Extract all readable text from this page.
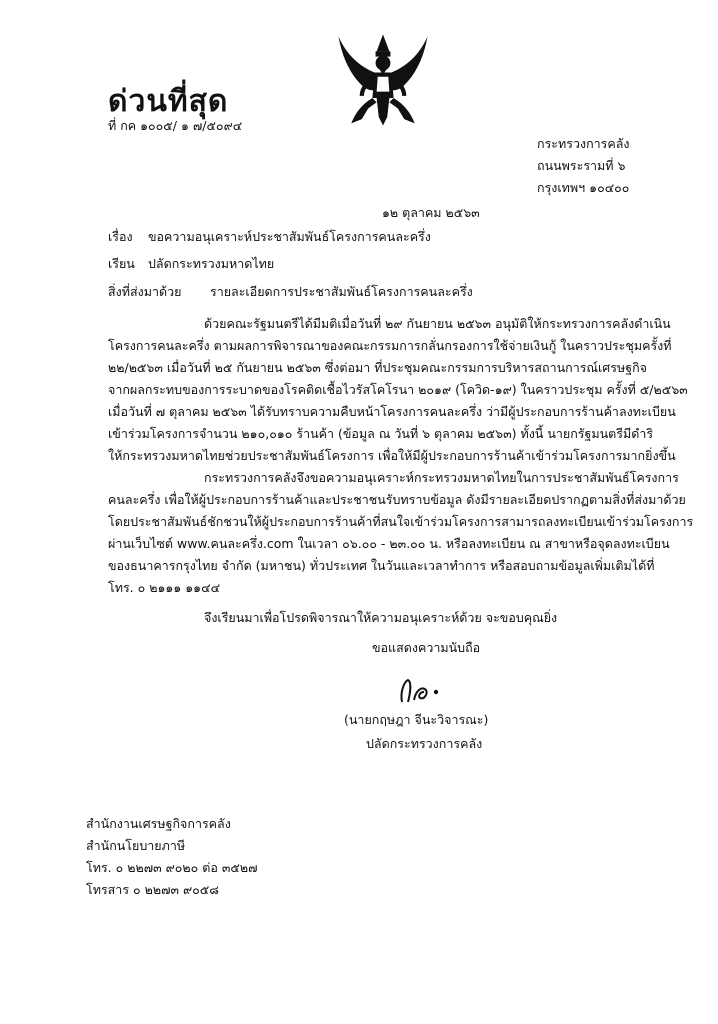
ด่วนที่สุด
ที่ กค ๑๐๐๕/ ๑ ๗/๕๐๙๔
กระทรวงการคลัง
ถนนพระรามที่ ๖
กรุงเทพฯ ๑๐๔๐๐
๑๒ ตุลาคม ๒๕๖๓
เรื่อง ขอความอนุเคราะห์ประชาสัมพันธ์โครงการคนละครึ่ง
เรียน ปลัดกระทรวงมหาดไทย
สิ่งที่ส่งมาด้วย รายละเอียดการประชาสัมพันธ์โครงการคนละครึ่ง
ด้วยคณะรัฐมนตรีได้มีมติเมื่อวันที่ ๒๙ กันยายน ๒๕๖๓ อนุมัติให้กระทรวงการคลังดำเนิน
โครงการคนละครึ่ง ตามผลการพิจารณาของคณะกรรมการกลั่นกรองการใช้จ่ายเงินกู้ ในคราวประชุมครั้งที่
๒๒/๒๕๖๓ เมื่อวันที่ ๒๕ กันยายน ๒๕๖๓ ซึ่งต่อมา ที่ประชุมคณะกรรมการบริหารสถานการณ์เศรษฐกิจ
จากผลกระทบของการระบาดของโรคติดเชื้อไวรัสโคโรนา ๒๐๑๙ (โควิด-๑๙) ในคราวประชุม ครั้งที่ ๕/๒๕๖๓
เมื่อวันที่ ๗ ตุลาคม ๒๕๖๓ ได้รับทราบความคืบหน้าโครงการคนละครึ่ง ว่ามีผู้ประกอบการร้านค้าลงทะเบียน
เข้าร่วมโครงการจำนวน ๒๑๐,๐๑๐ ร้านค้า (ข้อมูล ณ วันที่ ๖ ตุลาคม ๒๕๖๓) ทั้งนี้ นายกรัฐมนตรีมีดำริ
ให้กระทรวงมหาดไทยช่วยประชาสัมพันธ์โครงการ เพื่อให้มีผู้ประกอบการร้านค้าเข้าร่วมโครงการมากยิ่งขึ้น
กระทรวงการคลังจึงขอความอนุเคราะห์กระทรวงมหาดไทยในการประชาสัมพันธ์โครงการ
คนละครึ่ง เพื่อให้ผู้ประกอบการร้านค้าและประชาชนรับทราบข้อมูล ดังมีรายละเอียดปรากฏตามสิ่งที่ส่งมาด้วย
โดยประชาสัมพันธ์ชักชวนให้ผู้ประกอบการร้านค้าที่สนใจเข้าร่วมโครงการสามารถลงทะเบียนเข้าร่วมโครงการ
ผ่านเว็บไซต์ www.คนละครึ่ง.com ในเวลา ๐๖.๐๐ - ๒๓.๐๐ น. หรือลงทะเบียน ณ สาขาหรือจุดลงทะเบียน
ของธนาคารกรุงไทย จำกัด (มหาชน) ทั่วประเทศ ในวันและเวลาทำการ หรือสอบถามข้อมูลเพิ่มเติมได้ที่
โทร. ๐ ๒๑๑๑ ๑๑๔๔
จึงเรียนมาเพื่อโปรดพิจารณาให้ความอนุเคราะห์ด้วย จะขอบคุณยิ่ง
ขอแสดงความนับถือ
(นายกฤษฎา จีนะวิจารณะ)
ปลัดกระทรวงการคลัง
สำนักงานเศรษฐกิจการคลัง
สำนักนโยบายภาษี
โทร. ๐ ๒๒๗๓ ๙๐๒๐ ต่อ ๓๕๒๗
โทรสาร ๐ ๒๒๗๓ ๙๐๕๘
